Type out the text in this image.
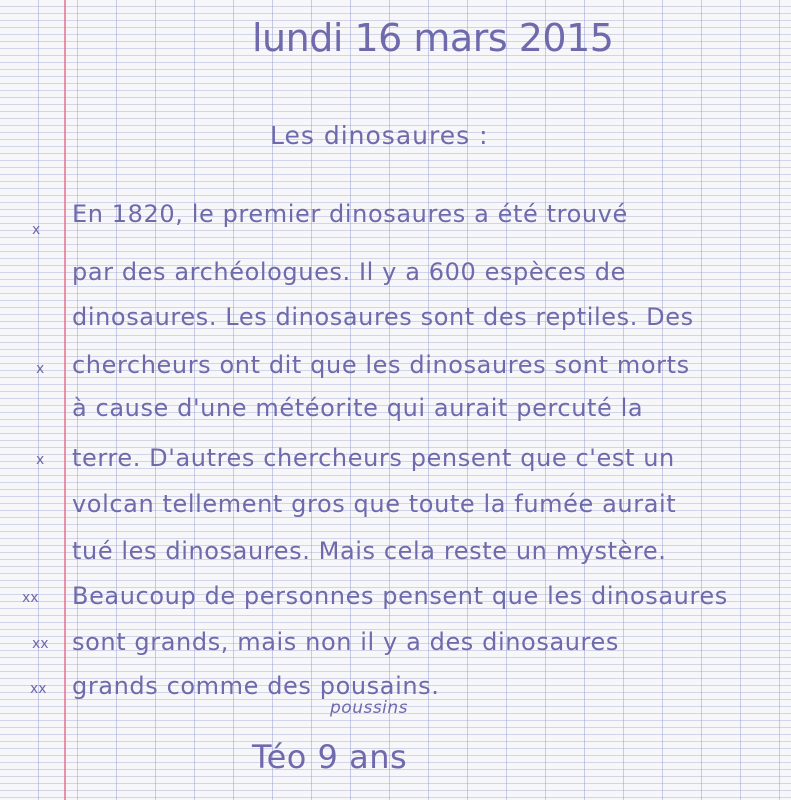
lundi 16 mars 2015
Les dinosaures :
En 1820, le premier dinosaures a été trouvé
par des archéologues. Il y a 600 espèces de
dinosaures. Les dinosaures sont des reptiles. Des
chercheurs ont dit que les dinosaures sont morts
à cause d'une météorite qui aurait percuté la
terre. D'autres chercheurs pensent que c'est un
volcan tellement gros que toute la fumée aurait
tué les dinosaures. Mais cela reste un mystère.
Beaucoup de personnes pensent que les dinosaures
sont grands, mais non il y a des dinosaures
grands comme des pousains.
x
x
x
xx
xx
xx
poussins
Téo 9 ans
